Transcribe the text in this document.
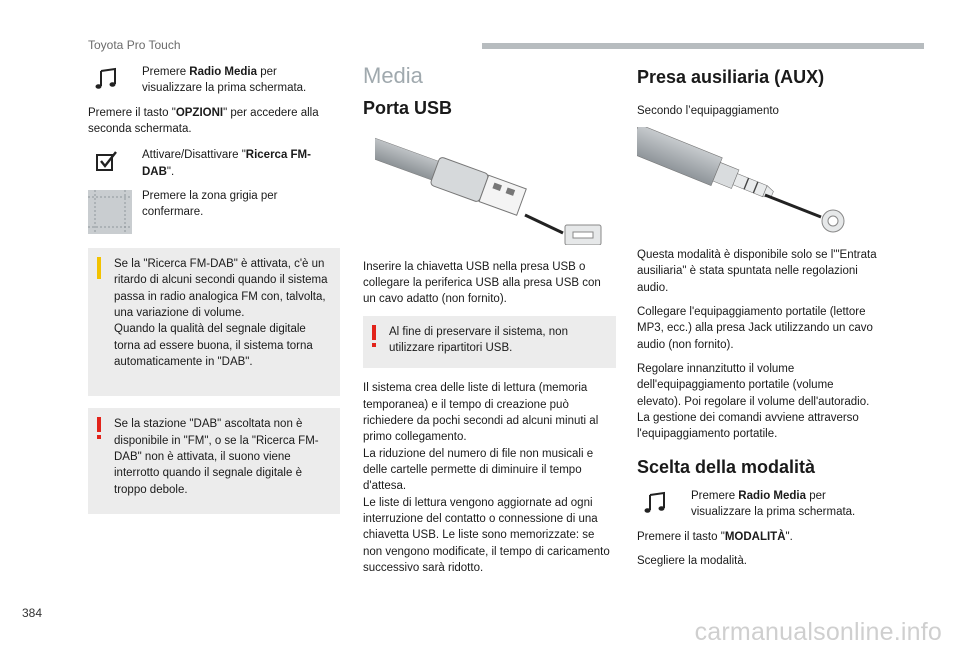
Toyota Pro Touch
Premere Radio Media per visualizzare la prima schermata.

Premere il tasto "OPZIONI" per accedere alla seconda schermata.

Attivare/Disattivare "Ricerca FM-DAB".
Premere la zona grigia per confermare.
Se la "Ricerca FM-DAB" è attivata, c'è un ritardo di alcuni secondi quando il sistema passa in radio analogica FM con, talvolta, una variazione di volume.
Quando la qualità del segnale digitale torna ad essere buona, il sistema torna automaticamente in "DAB".
Se la stazione "DAB" ascoltata non è disponibile in "FM", o se la "Ricerca FM-DAB" non è attivata, il suono viene interrotto quando il segnale digitale è troppo debole.
Media
Porta USB

Inserire la chiavetta USB nella presa USB o collegare la periferica USB alla presa USB con un cavo adatto (non fornito).

Al fine di preservare il sistema, non utilizzare ripartitori USB.

Il sistema crea delle liste di lettura (memoria temporanea) e il tempo di creazione può richiedere da pochi secondi ad alcuni minuti al primo collegamento.
La riduzione del numero di file non musicali e delle cartelle permette di diminuire il tempo d'attesa.
Le liste di lettura vengono aggiornate ad ogni interruzione del contatto o connessione di una chiavetta USB. Le liste sono memorizzate: se non vengono modificate, il tempo di caricamento successivo sarà ridotto.

Presa ausiliaria (AUX)

Secondo l’equipaggiamento

Questa modalità è disponibile solo se l'"Entrata ausiliaria" è stata spuntata nelle regolazioni audio.

Collegare l'equipaggiamento portatile (lettore MP3, ecc.) alla presa Jack utilizzando un cavo audio (non fornito).

Regolare innanzitutto il volume dell'equipaggiamento portatile (volume elevato). Poi regolare il volume dell'autoradio.
La gestione dei comandi avviene attraverso l'equipaggiamento portatile.

Scelta della modalità
Premere Radio Media per visualizzare la prima schermata.

Premere il tasto "MODALITÀ".

Scegliere la modalità.

384
carmanualsonline.info
